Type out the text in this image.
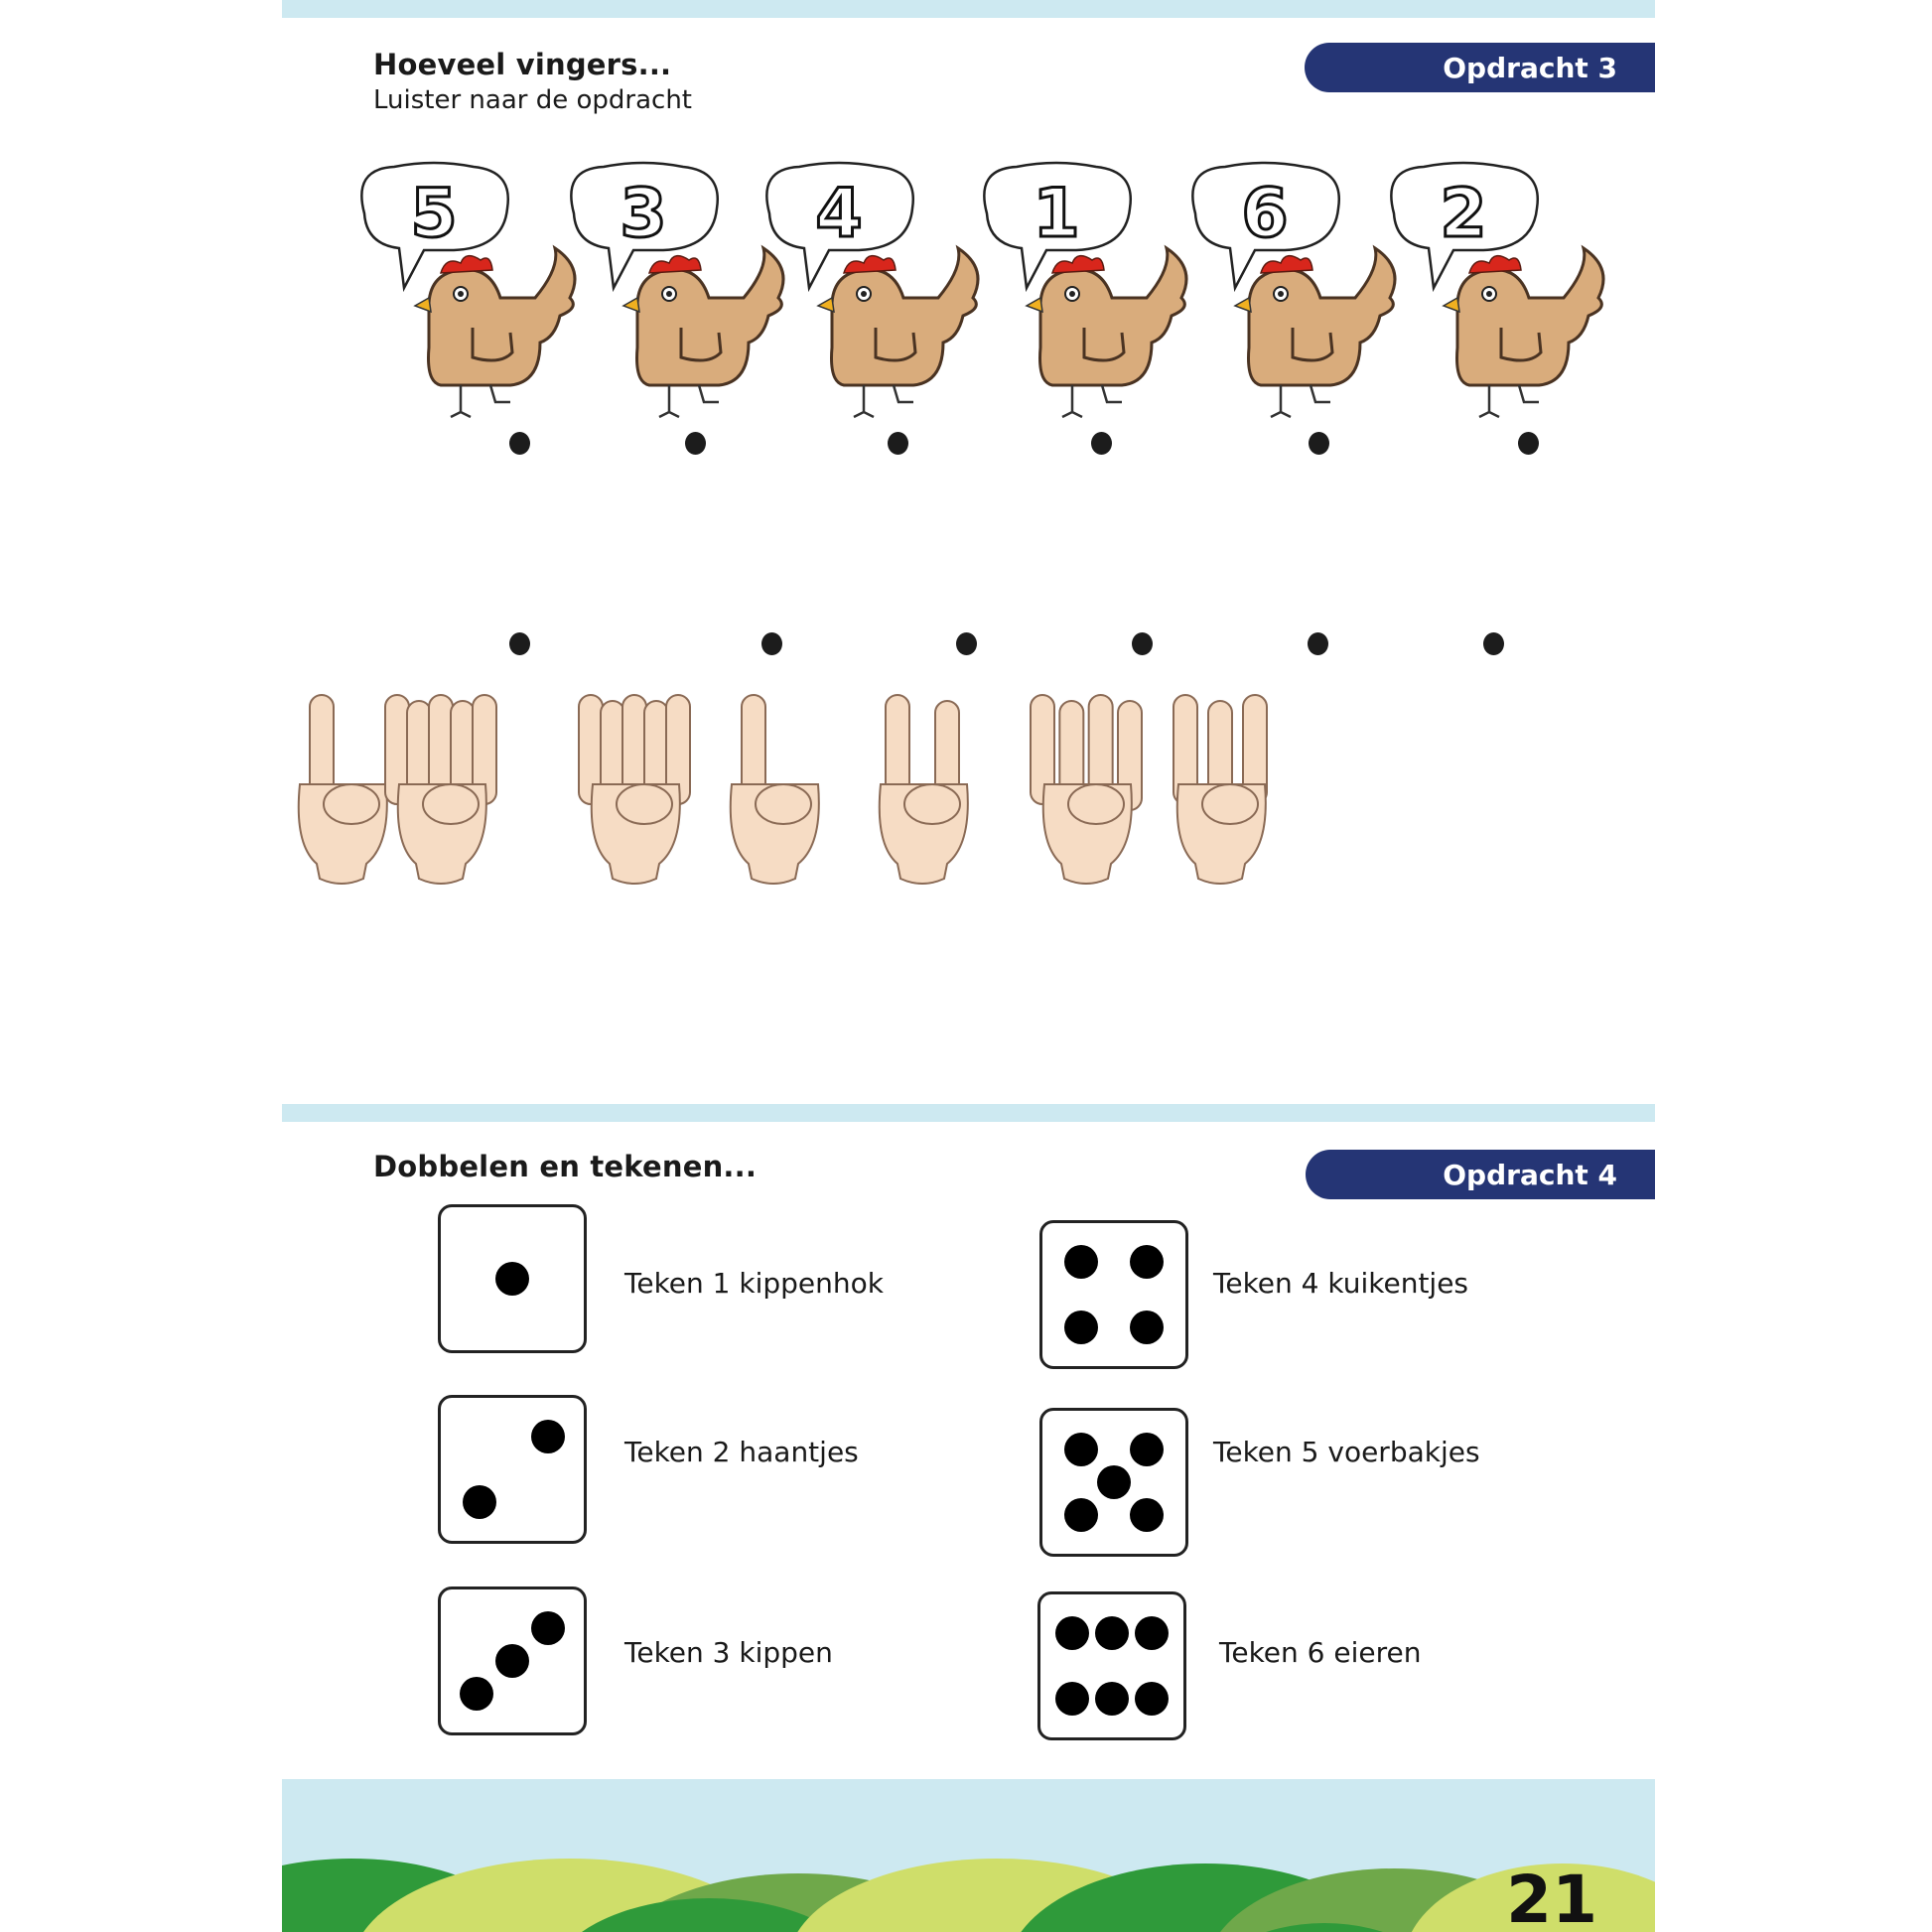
Hoeveel vingers...
Luister naar de opdracht
Opdracht 3
5 3 4	1 6 2
Dobbelen en tekenen...	Opdracht 4
Teken 1 kippenhok
Teken 2 haantjes
Teken 3 kippen
Teken 4 kuikentjes
Teken 5 voerbakjes
Teken 6 eieren
21
